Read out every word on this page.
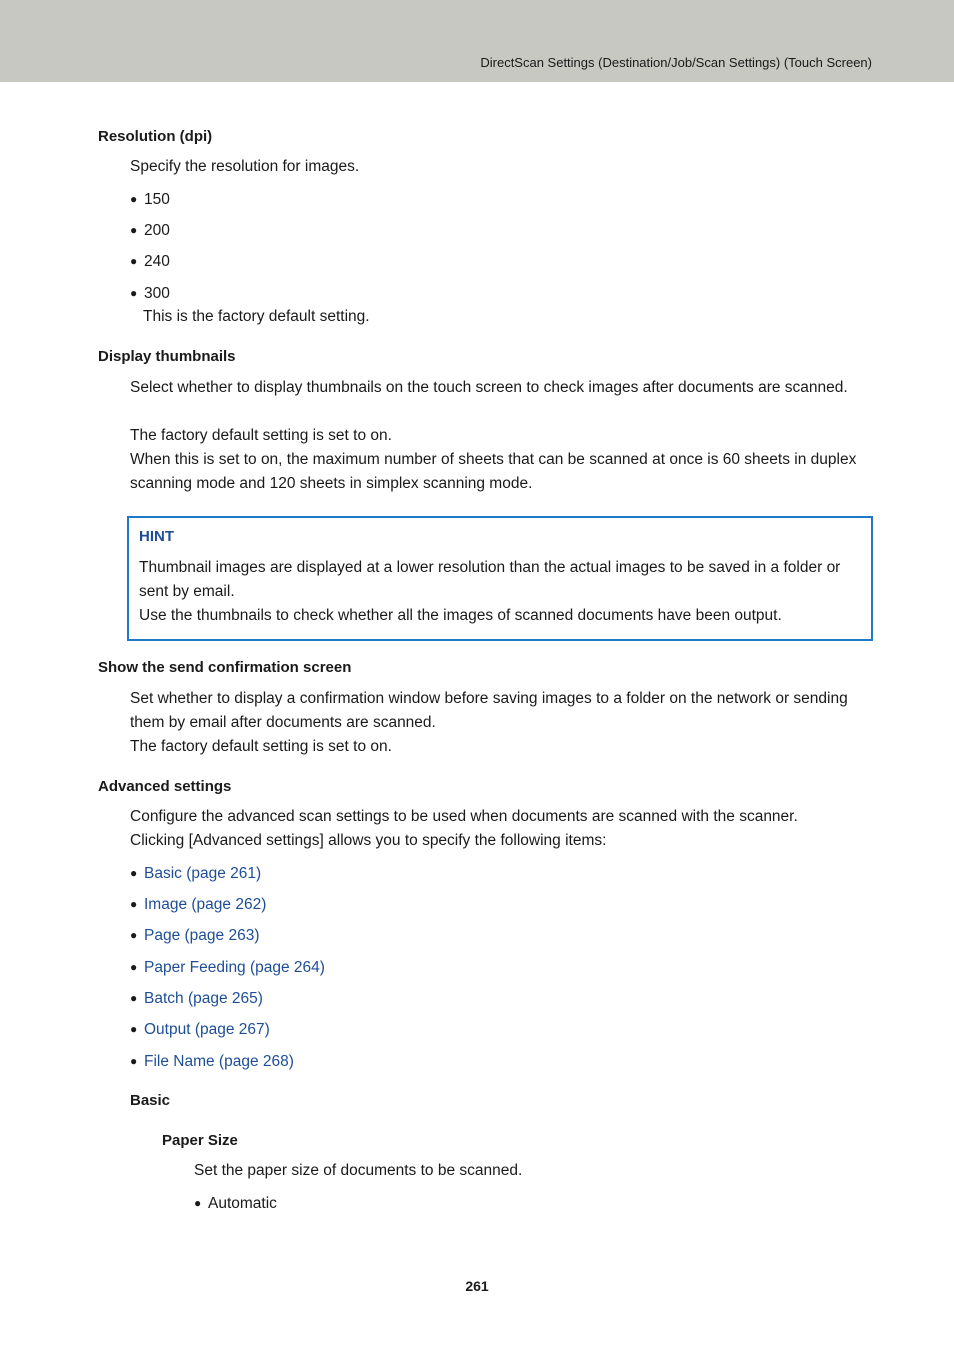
DirectScan Settings (Destination/Job/Scan Settings) (Touch Screen)
Resolution (dpi)
Specify the resolution for images.
● 150
● 200
● 240
● 300
This is the factory default setting.
Display thumbnails
Select whether to display thumbnails on the touch screen to check images after documents are scanned.
The factory default setting is set to on.
When this is set to on, the maximum number of sheets that can be scanned at once is 60 sheets in duplex scanning mode and 120 sheets in simplex scanning mode.
HINT
Thumbnail images are displayed at a lower resolution than the actual images to be saved in a folder or sent by email.
Use the thumbnails to check whether all the images of scanned documents have been output.
Show the send confirmation screen
Set whether to display a confirmation window before saving images to a folder on the network or sending them by email after documents are scanned.
The factory default setting is set to on.
Advanced settings
Configure the advanced scan settings to be used when documents are scanned with the scanner.
Clicking [Advanced settings] allows you to specify the following items:
● Basic (page 261)
● Image (page 262)
● Page (page 263)
● Paper Feeding (page 264)
● Batch (page 265)
● Output (page 267)
● File Name (page 268)
Basic
Paper Size
Set the paper size of documents to be scanned.
● Automatic
261
